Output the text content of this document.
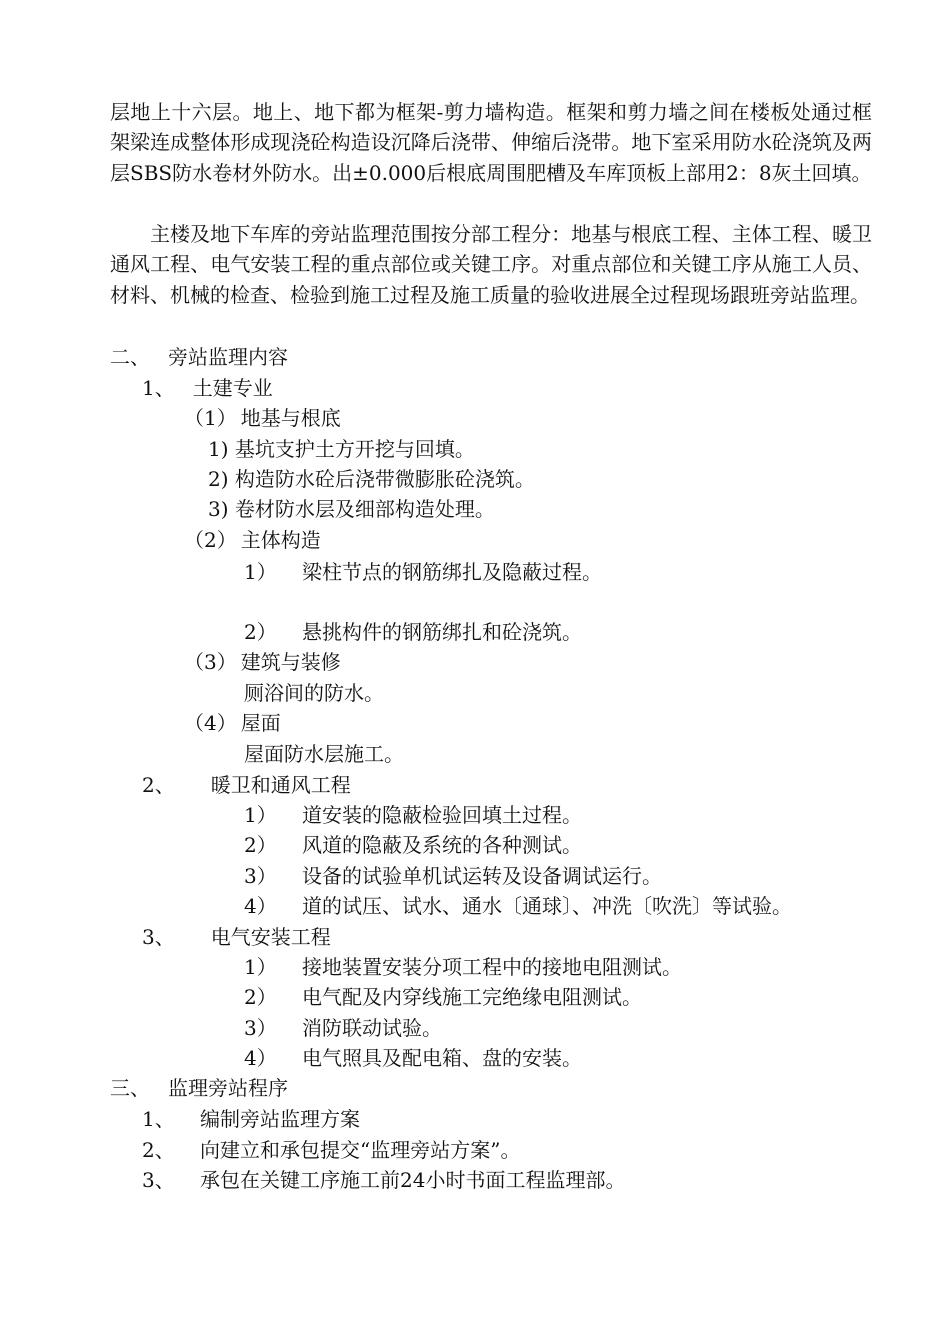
层地上十六层。地上、地下都为框架-剪力墙构造。框架和剪力墙之间在楼板处通过框架梁连成整体形成现浇砼构造设沉降后浇带、伸缩后浇带。地下室采用防水砼浇筑及两层SBS防水卷材外防水。出±0.000后根底周围肥槽及车库顶板上部用2：8灰土回填。

主楼及地下车库的旁站监理范围按分部工程分：地基与根底工程、主体工程、暖卫通风工程、电气安装工程的重点部位或关键工序。对重点部位和关键工序从施工人员、材料、机械的检查、检验到施工过程及施工质量的验收进展全过程现场跟班旁站监理。

二、 旁站监理内容
1、 土建专业
（1） 地基与根底
1) 基坑支护土方开挖与回填。
2) 构造防水砼后浇带微膨胀砼浇筑。
3) 卷材防水层及细部构造处理。
（2） 主体构造
1） 梁柱节点的钢筋绑扎及隐蔽过程。
2） 悬挑构件的钢筋绑扎和砼浇筑。
（3） 建筑与装修
厕浴间的防水。
（4） 屋面
屋面防水层施工。
2、 暖卫和通风工程
1） 道安装的隐蔽检验回填土过程。
2） 风道的隐蔽及系统的各种测试。
3） 设备的试验单机试运转及设备调试运行。
4） 道的试压、试水、通水〔通球〕、冲洗〔吹洗〕等试验。
3、 电气安装工程
1） 接地装置安装分项工程中的接地电阻测试。
2） 电气配及内穿线施工完绝缘电阻测试。
3） 消防联动试验。
4） 电气照具及配电箱、盘的安装。
三、 监理旁站程序
1、 编制旁站监理方案
2、 向建立和承包提交“监理旁站方案”。
3、 承包在关键工序施工前24小时书面工程监理部。
